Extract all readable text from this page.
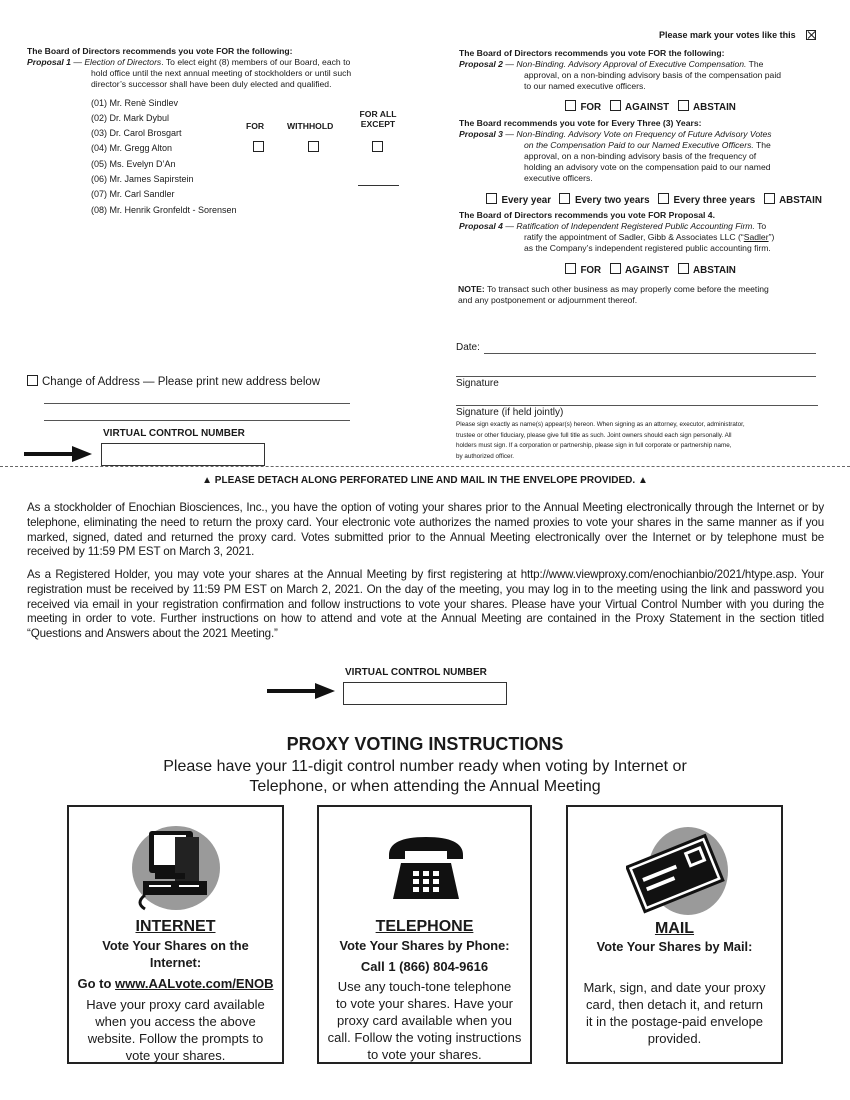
Please mark your votes like this
The Board of Directors recommends you vote FOR the following:
Proposal 1 — Election of Directors. To elect eight (8) members of our Board, each to
hold office until the next annual meeting of stockholders or until such
director’s successor shall have been duly elected and qualified.
(01) Mr. Renè Sindlev
(02) Dr. Mark Dybul
(03) Dr. Carol Brosgart
(04) Mr. Gregg Alton
(05) Ms. Evelyn D’An
(06) Mr. James Sapirstein
(07) Mr. Carl Sandler
(08) Mr. Henrik Gronfeldt - Sorensen
FOR	WITHHOLD
FOR ALL
EXCEPT
Change of Address — Please print new address below
VIRTUAL CONTROL NUMBER
The Board of Directors recommends you vote FOR the following:
Proposal 2 — Non-Binding. Advisory Approval of Executive Compensation. The
approval, on a non-binding advisory basis of the compensation paid
to our named executive officers.
FOR AGAINST ABSTAIN
The Board recommends you vote for Every Three (3) Years:
Proposal 3 — Non-Binding. Advisory Vote on Frequency of Future Advisory Votes
on the Compensation Paid to our Named Executive Officers. The
approval, on a non-binding advisory basis of the frequency of
holding an advisory vote on the compensation paid to our named
executive officers.
Every year Every two years Every three years ABSTAIN
The Board of Directors recommends you vote FOR Proposal 4.
Proposal 4 — Ratification of Independent Registered Public Accounting Firm. To
ratify the appointment of Sadler, Gibb & Associates LLC (“Sadler”)
as the Company’s independent registered public accounting firm.
FOR AGAINST ABSTAIN
NOTE: To transact such other business as may properly come before the meeting
and any postponement or adjournment thereof.
Date:
Signature
Signature (if held jointly)
Please sign exactly as name(s) appear(s) hereon. When signing as an attorney, executor, administrator,
trustee or other fiduciary, please give full title as such. Joint owners should each sign personally. All
holders must sign. If a corporation or partnership, please sign in full corporate or partnership name,
by authorized officer.
▲ PLEASE DETACH ALONG PERFORATED LINE AND MAIL IN THE ENVELOPE PROVIDED. ▲
As a stockholder of Enochian Biosciences, Inc., you have the option of voting your shares prior to the Annual Meeting electronically through the Internet or by telephone, eliminating the need to return the proxy card. Your electronic vote authorizes the named proxies to vote your shares in the same manner as if you marked, signed, dated and returned the proxy card. Votes submitted prior to the Annual Meeting electronically over the Internet or by telephone must be received by 11:59 PM EST on March 3, 2021.
As a Registered Holder, you may vote your shares at the Annual Meeting by first registering at http://www.viewproxy.com/enochianbio/2021/htype.asp. Your registration must be received by 11:59 PM EST on March 2, 2021. On the day of the meeting, you may log in to the meeting using the link and password you received via email in your registration confirmation and follow instructions to vote your shares. Please have your Virtual Control Number with you during the meeting in order to vote. Further instructions on how to attend and vote at the Annual Meeting are contained in the Proxy Statement in the section titled “Questions and Answers about the 2021 Meeting.”
VIRTUAL CONTROL NUMBER
PROXY VOTING INSTRUCTIONS
Please have your 11-digit control number ready when voting by Internet or
Telephone, or when attending the Annual Meeting
INTERNET
Vote Your Shares on the
Internet:
Go to www.AALvote.com/ENOB
Have your proxy card available
when you access the above
website. Follow the prompts to
vote your shares.
TELEPHONE
Vote Your Shares by Phone:
Call 1 (866) 804-9616
Use any touch-tone telephone
to vote your shares. Have your
proxy card available when you
call. Follow the voting instructions
to vote your shares.
MAIL
Vote Your Shares by Mail:
Mark, sign, and date your proxy
card, then detach it, and return
it in the postage-paid envelope
provided.
